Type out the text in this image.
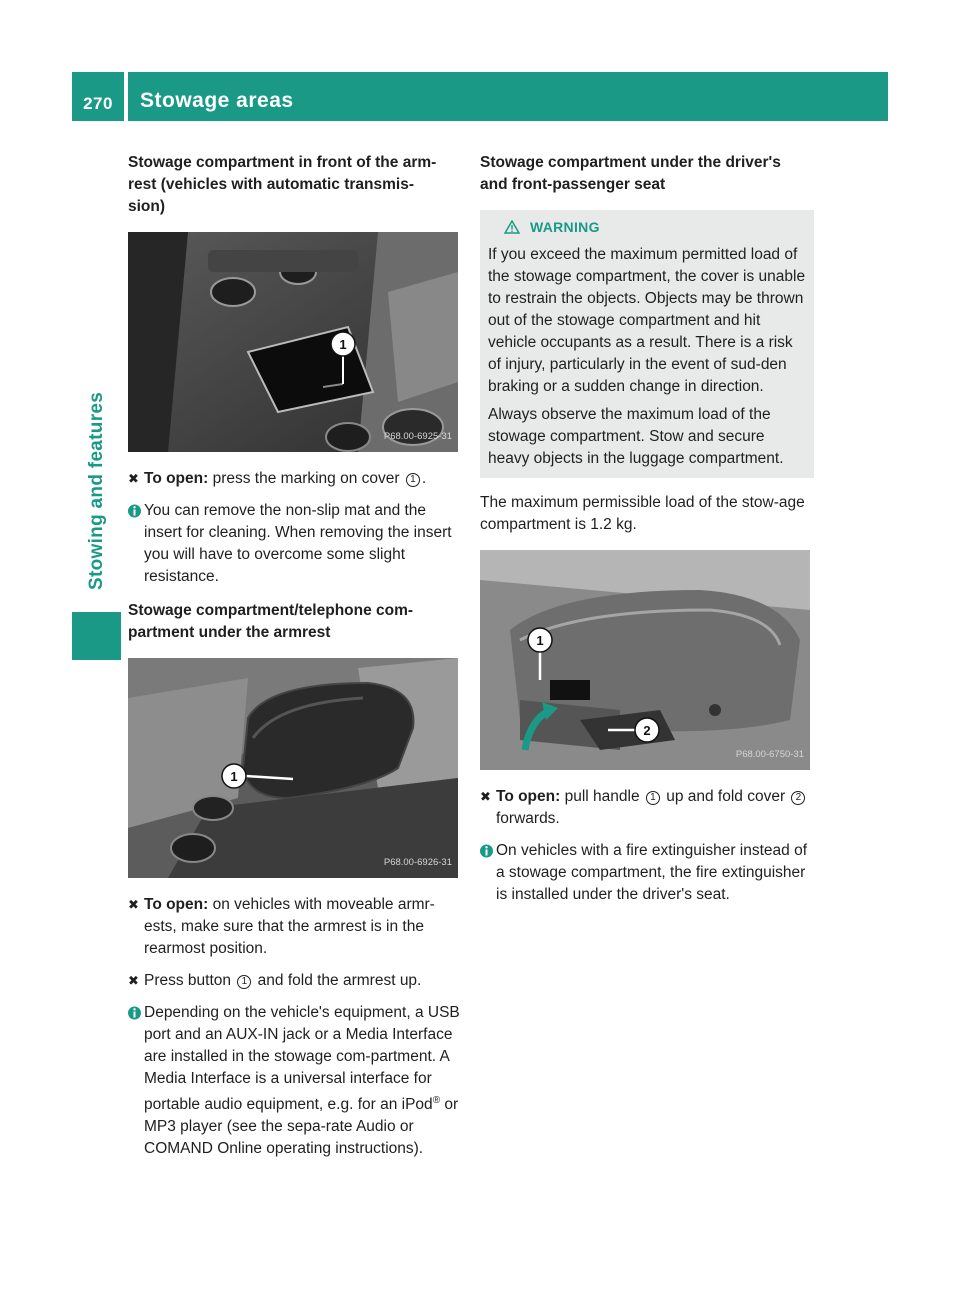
270	Stowage areas
Stowing and features
Stowage compartment in front of the arm-
rest (vehicles with automatic transmis-
sion)
1
P68.00-6925-31
✖ To open: press the marking on cover 1 .
You can remove the non-slip mat and the insert for cleaning. When removing the insert you will have to overcome some slight resistance.
Stowage compartment/telephone com-
partment under the armrest
1
P68.00-6926-31
✖ To open: on vehicles with moveable armr-ests, make sure that the armrest is in the rearmost position.
✖ Press button 1 and fold the armrest up.
Depending on the vehicle's equipment, a USB port and an AUX-IN jack or a Media Interface are installed in the stowage com-partment. A Media Interface is a universal interface for portable audio equipment, e.g. for an iPod® or MP3 player (see the sepa-rate Audio or COMAND Online operating instructions).
Stowage compartment under the driver's
and front-passenger seat
WARNING

If you exceed the maximum permitted load of the stowage compartment, the cover is unable to restrain the objects. Objects may be thrown out of the stowage compartment and hit vehicle occupants as a result. There is a risk of injury, particularly in the event of sud-den braking or a sudden change in direction.

Always observe the maximum load of the stowage compartment. Stow and secure heavy objects in the luggage compartment.

The maximum permissible load of the stow-age compartment is 1.2 kg.

1
2
P68.00-6750-31
✖ To open: pull handle 1 up and fold cover 2 forwards.
On vehicles with a fire extinguisher instead of a stowage compartment, the fire extinguisher is installed under the driver's seat.
